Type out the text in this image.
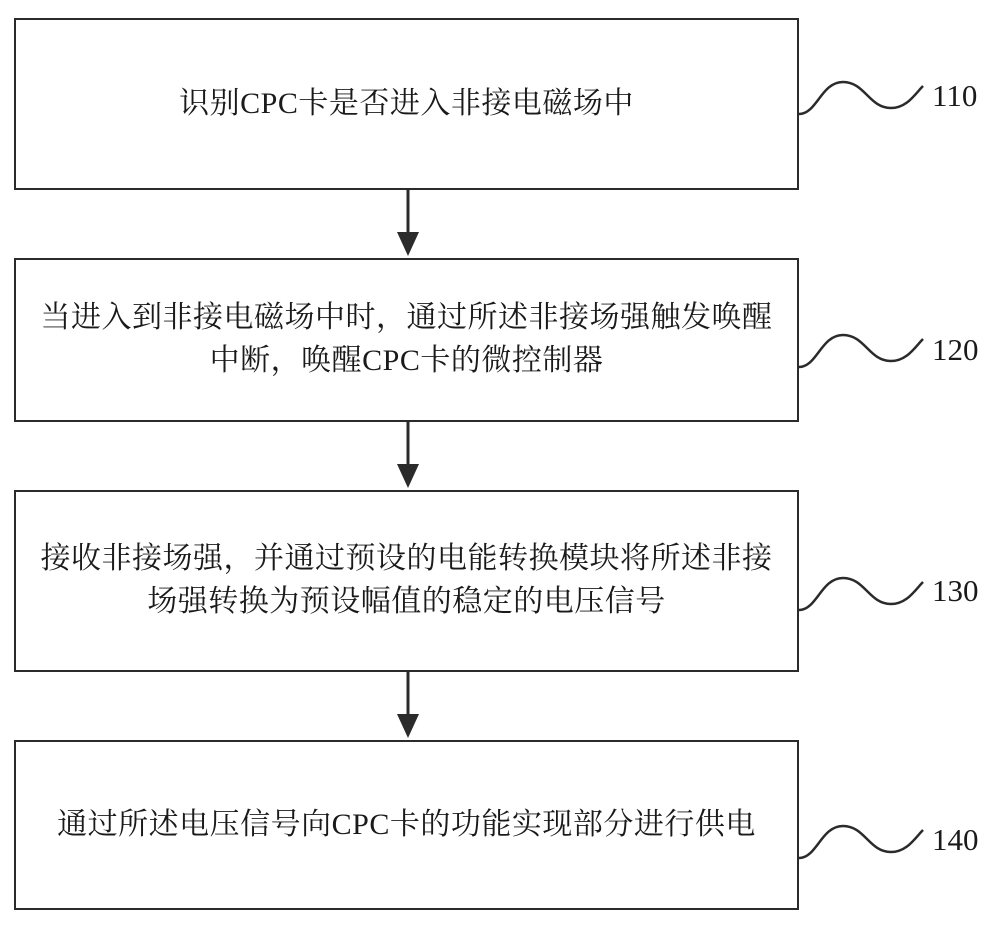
识别CPC卡是否进入非接电磁场中	110
当进入到非接电磁场中时，通过所述非接场强触发唤醒中断，唤醒CPC卡的微控制器	120
接收非接场强，并通过预设的电能转换模块将所述非接场强转换为预设幅值的稳定的电压信号	130
通过所述电压信号向CPC卡的功能实现部分进行供电	140
